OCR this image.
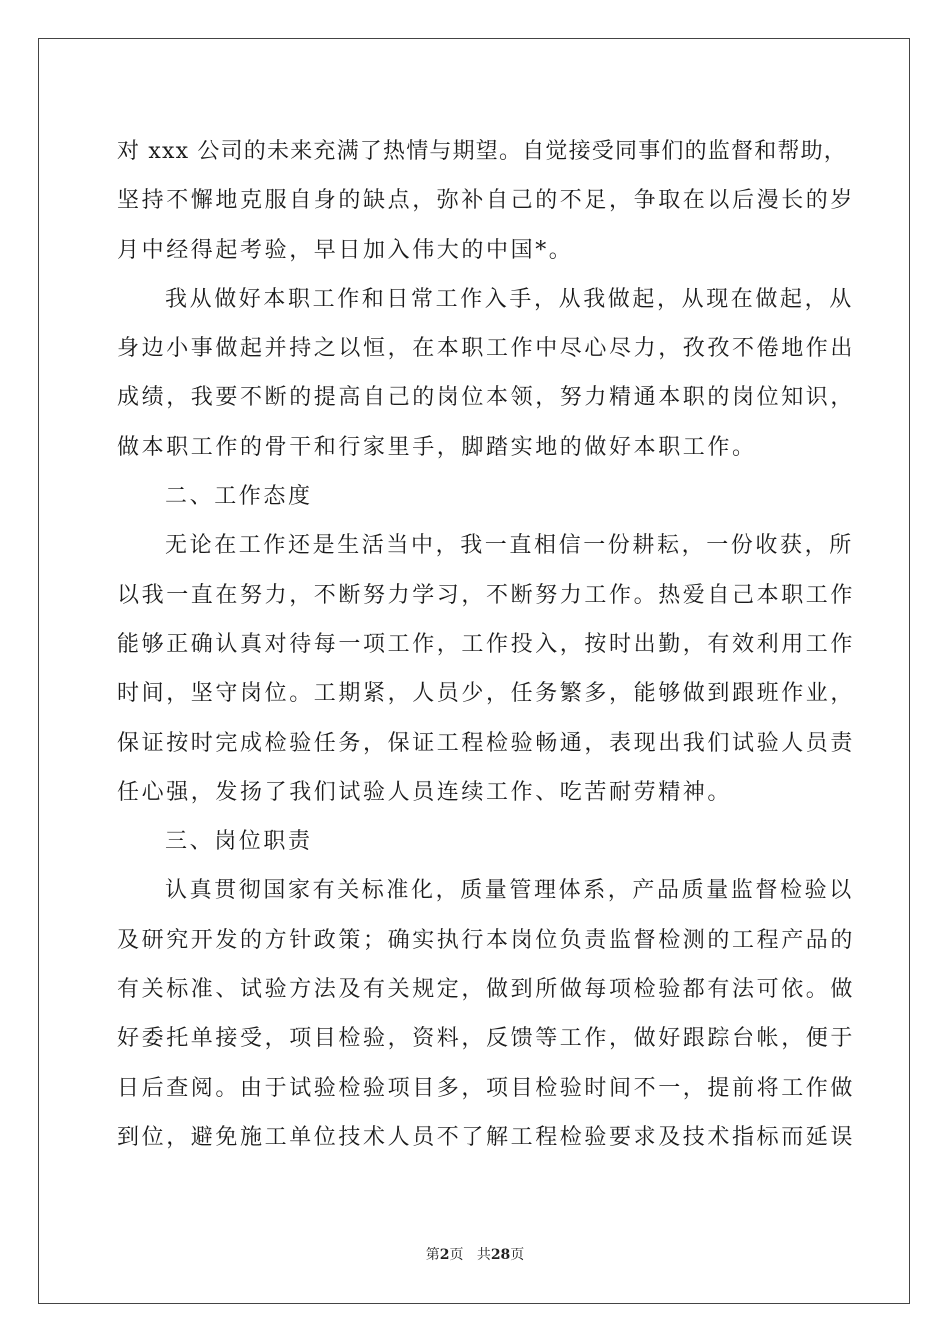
对 xxx 公司的未来充满了热情与期望。自觉接受同事们的监督和帮助，
坚持不懈地克服自身的缺点，弥补自己的不足，争取在以后漫长的岁
月中经得起考验，早日加入伟大的中国*。
我从做好本职工作和日常工作入手，从我做起，从现在做起，从
身边小事做起并持之以恒，在本职工作中尽心尽力，孜孜不倦地作出
成绩，我要不断的提高自己的岗位本领，努力精通本职的岗位知识，
做本职工作的骨干和行家里手，脚踏实地的做好本职工作。
二、工作态度
无论在工作还是生活当中，我一直相信一份耕耘，一份收获，所
以我一直在努力，不断努力学习，不断努力工作。热爱自己本职工作
能够正确认真对待每一项工作，工作投入，按时出勤，有效利用工作
时间，坚守岗位。工期紧，人员少，任务繁多，能够做到跟班作业，
保证按时完成检验任务，保证工程检验畅通，表现出我们试验人员责
任心强，发扬了我们试验人员连续工作、吃苦耐劳精神。
三、岗位职责
认真贯彻国家有关标准化，质量管理体系，产品质量监督检验以
及研究开发的方针政策；确实执行本岗位负责监督检测的工程产品的
有关标准、试验方法及有关规定，做到所做每项检验都有法可依。做
好委托单接受，项目检验，资料，反馈等工作，做好跟踪台帐，便于
日后查阅。由于试验检验项目多，项目检验时间不一，提前将工作做
到位，避免施工单位技术人员不了解工程检验要求及技术指标而延误
第2页 共28页
